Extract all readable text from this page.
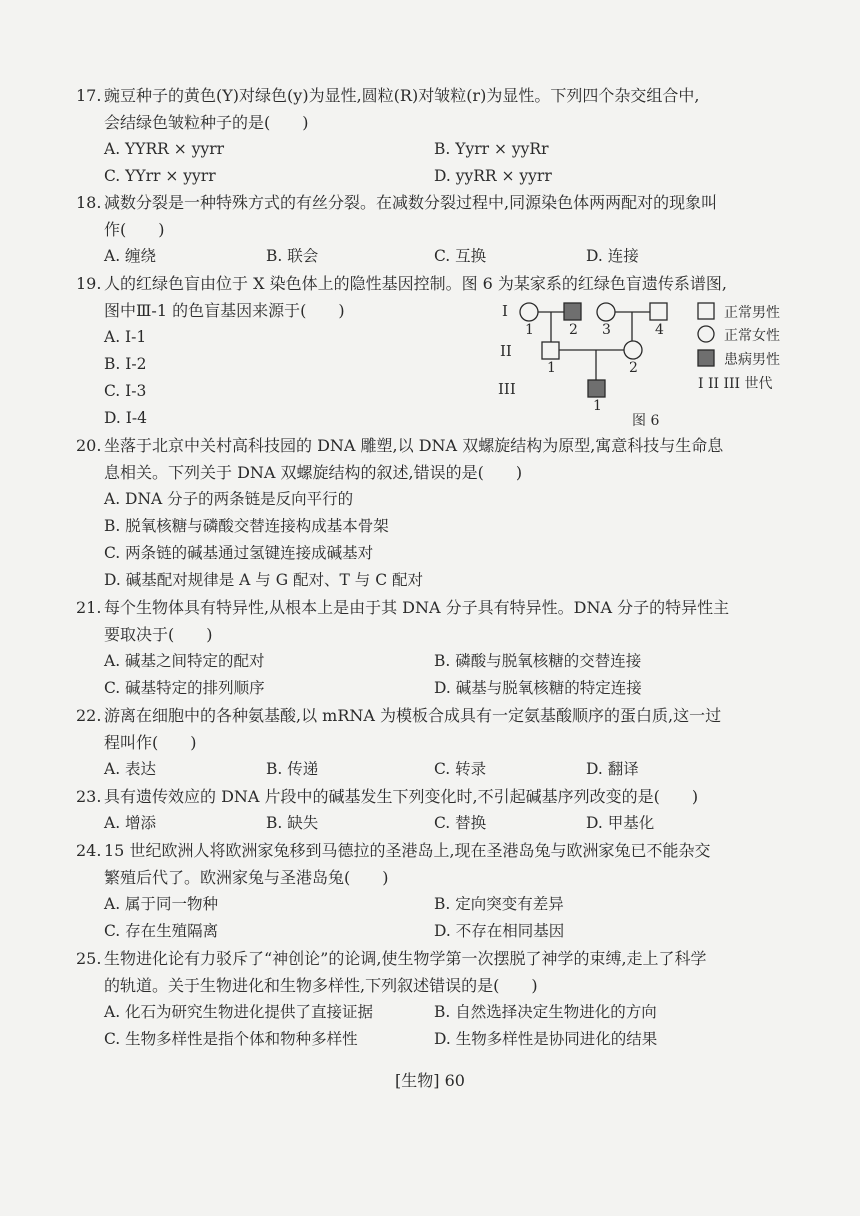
17. 豌豆种子的黄色(Y)对绿色(y)为显性,圆粒(R)对皱粒(r)为显性。下列四个杂交组合中,

会结绿色皱粒种子的是(　　)

A. YYRR × yyrr	B. Yyrr × yyRr
C. YYrr × yyrr	D. yyRR × yyrr

18. 减数分裂是一种特殊方式的有丝分裂。在减数分裂过程中,同源染色体两两配对的现象叫

作(　　)

A. 缠绕	B. 联会	C. 互换	D. 连接

19. 人的红绿色盲由位于 X 染色体上的隐性基因控制。图 6 为某家系的红绿色盲遗传系谱图,

图中Ⅲ-1 的色盲基因来源于(　　)

A. I-1
B. I-2
C. I-3
D. I-4
I
II
III
1	2 3	4
1	2
1
图 6
正常男性
正常女性
患病男性
I II III 世代

20. 坐落于北京中关村高科技园的 DNA 雕塑,以 DNA 双螺旋结构为原型,寓意科技与生命息

息相关。下列关于 DNA 双螺旋结构的叙述,错误的是(　　)

A. DNA 分子的两条链是反向平行的
B. 脱氧核糖与磷酸交替连接构成基本骨架
C. 两条链的碱基通过氢键连接成碱基对
D. 碱基配对规律是 A 与 G 配对、T 与 C 配对

21. 每个生物体具有特异性,从根本上是由于其 DNA 分子具有特异性。DNA 分子的特异性主

要取决于(　　)

A. 碱基之间特定的配对	B. 磷酸与脱氧核糖的交替连接
C. 碱基特定的排列顺序	D. 碱基与脱氧核糖的特定连接

22. 游离在细胞中的各种氨基酸,以 mRNA 为模板合成具有一定氨基酸顺序的蛋白质,这一过

程叫作(　　)

A. 表达	B. 传递	C. 转录	D. 翻译

23. 具有遗传效应的 DNA 片段中的碱基发生下列变化时,不引起碱基序列改变的是(　　)

A. 增添	B. 缺失	C. 替换	D. 甲基化

24. 15 世纪欧洲人将欧洲家兔移到马德拉的圣港岛上,现在圣港岛兔与欧洲家兔已不能杂交

繁殖后代了。欧洲家兔与圣港岛兔(　　)

A. 属于同一物种	B. 定向突变有差异
C. 存在生殖隔离	D. 不存在相同基因

25. 生物进化论有力驳斥了“神创论”的论调,使生物学第一次摆脱了神学的束缚,走上了科学

的轨道。关于生物进化和生物多样性,下列叙述错误的是(　　)

A. 化石为研究生物进化提供了直接证据	B. 自然选择决定生物进化的方向
C. 生物多样性是指个体和物种多样性	D. 生物多样性是协同进化的结果
[生物] 60
